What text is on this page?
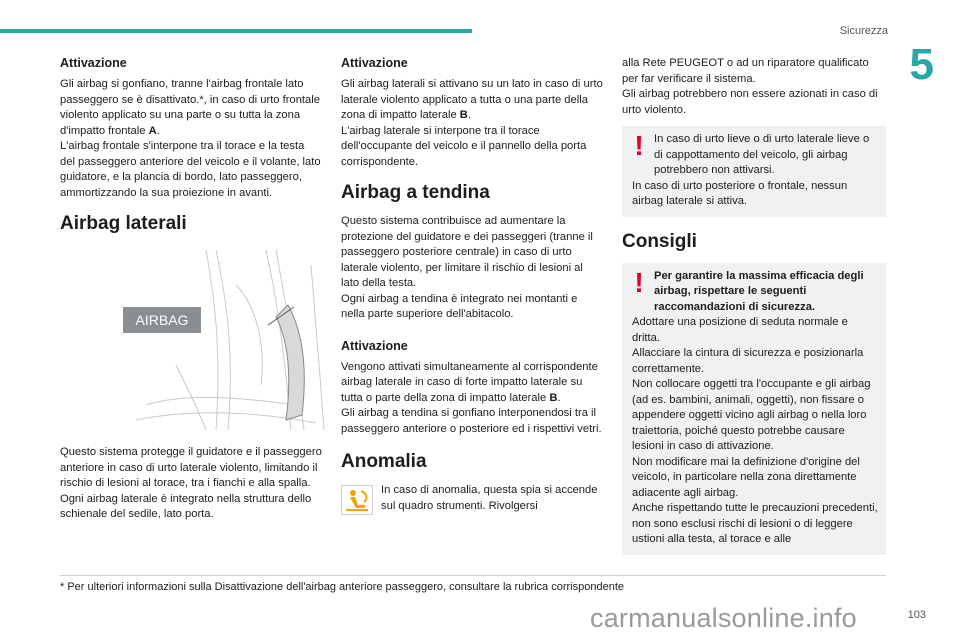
Sicurezza
5
Attivazione

Gli airbag si gonfiano, tranne l'airbag frontale lato passeggero se è disattivato.*, in caso di urto frontale violento applicato su una parte o su tutta la zona d'impatto frontale A.

L'airbag frontale s'interpone tra il torace e la testa del passeggero anteriore del veicolo e il volante, lato guidatore, e la plancia di bordo, lato passeggero, ammortizzando la sua proiezione in avanti.

Airbag laterali
AIRBAG

Questo sistema protegge il guidatore e il passeggero anteriore in caso di urto laterale violento, limitando il rischio di lesioni al torace, tra i fianchi e alla spalla.

Ogni airbag laterale è integrato nella struttura dello schienale del sedile, lato porta.

Attivazione

Gli airbag laterali si attivano su un lato in caso di urto laterale violento applicato a tutta o una parte della zona di impatto laterale B.

L'airbag laterale si interpone tra il torace dell'occupante del veicolo e il pannello della porta corrispondente.

Airbag a tendina

Questo sistema contribuisce ad aumentare la protezione del guidatore e dei passeggeri (tranne il passeggero posteriore centrale) in caso di urto laterale violento, per limitare il rischio di lesioni al lato della testa.

Ogni airbag a tendina è integrato nei montanti e nella parte superiore dell'abitacolo.

Attivazione

Vengono attivati simultaneamente al corrispondente airbag laterale in caso di forte impatto laterale su tutta o parte della zona di impatto laterale B.

Gli airbag a tendina si gonfiano interponendosi tra il passeggero anteriore o posteriore ed i rispettivi vetri.

Anomalia

In caso di anomalia, questa spia si accende sul quadro strumenti. Rivolgersi

alla Rete PEUGEOT o ad un riparatore qualificato per far verificare il sistema.

Gli airbag potrebbero non essere azionati in caso di urto violento.

! In caso di urto lieve o di urto laterale lieve o di cappottamento del veicolo, gli airbag potrebbero non attivarsi.

In caso di urto posteriore o frontale, nessun airbag laterale si attiva.

Consigli
! Per garantire la massima efficacia degli airbag, rispettare le seguenti raccomandazioni di sicurezza.

Adottare una posizione di seduta normale e dritta.

Allacciare la cintura di sicurezza e posizionarla correttamente.

Non collocare oggetti tra l'occupante e gli airbag (ad es. bambini, animali, oggetti), non fissare o appendere oggetti vicino agli airbag o nella loro traiettoria, poiché questo potrebbe causare lesioni in caso di attivazione.

Non modificare mai la definizione d'origine del veicolo, in particolare nella zona direttamente adiacente agli airbag.

Anche rispettando tutte le precauzioni precedenti, non sono esclusi rischi di lesioni o di leggere ustioni alla testa, al torace e alle

* Per ulteriori informazioni sulla Disattivazione dell'airbag anteriore passeggero, consultare la rubrica corrispondente
carmanualsonline.info	103
